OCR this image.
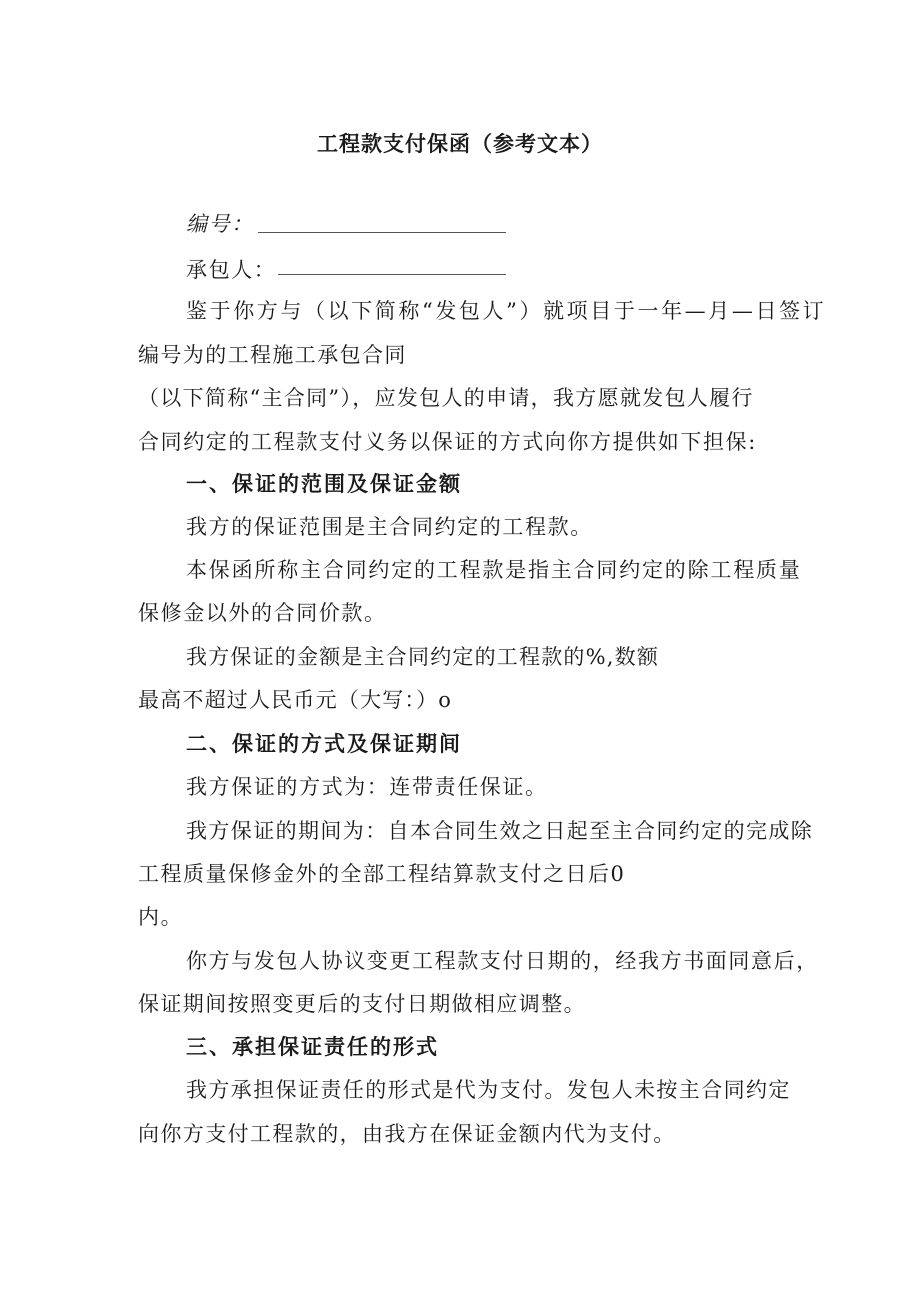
工程款支付保函（参考文本）
编号：
承包人：
鉴于你方与（以下简称“发包人”）就项目于一年—月—日签订
编号为的工程施工承包合同
（以下简称“主合同”），应发包人的申请，我方愿就发包人履行
合同约定的工程款支付义务以保证的方式向你方提供如下担保:
一、保证的范围及保证金额
我方的保证范围是主合同约定的工程款。
本保函所称主合同约定的工程款是指主合同约定的除工程质量
保修金以外的合同价款。
我方保证的金额是主合同约定的工程款的%,数额
最高不超过人民币元（大写：）o
二、保证的方式及保证期间
我方保证的方式为：连带责任保证。
我方保证的期间为：自本合同生效之日起至主合同约定的完成除
工程质量保修金外的全部工程结算款支付之日后0
内。
你方与发包人协议变更工程款支付日期的，经我方书面同意后，
保证期间按照变更后的支付日期做相应调整。
三、承担保证责任的形式
我方承担保证责任的形式是代为支付。发包人未按主合同约定
向你方支付工程款的，由我方在保证金额内代为支付。
